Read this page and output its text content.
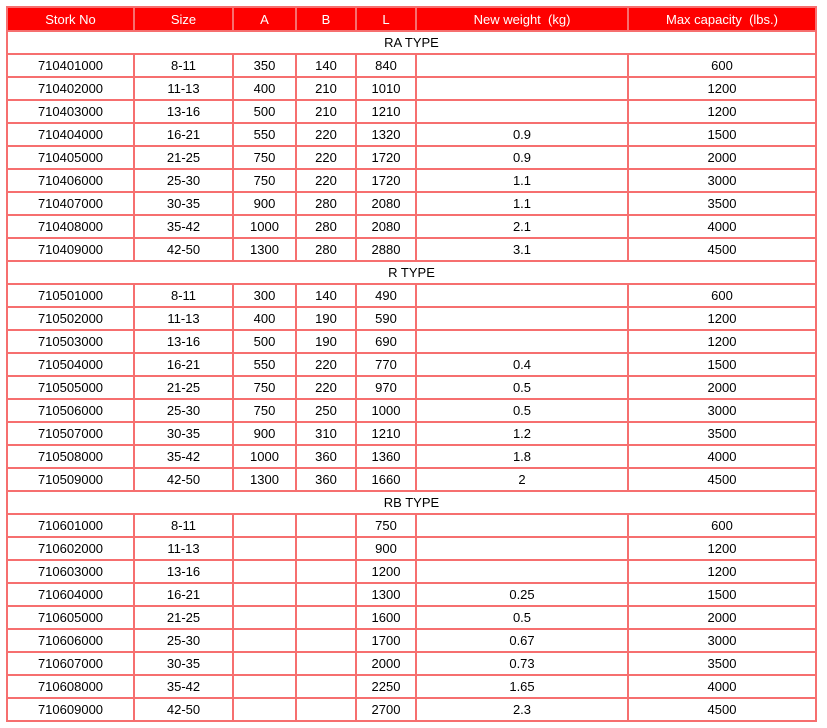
Stork No	Size	A	B	L	New weight  (kg)	Max capacity  (lbs.)
RA TYPE						
710401000	8-11	350	140	840		600
710402000	11-13	400	210	1010		1200
710403000	13-16	500	210	1210		1200
710404000	16-21	550	220	1320	0.9	1500
710405000	21-25	750	220	1720	0.9	2000
710406000	25-30	750	220	1720	1.1	3000
710407000	30-35	900	280	2080	1.1	3500
710408000	35-42	1000	280	2080	2.1	4000
710409000	42-50	1300	280	2880	3.1	4500
R TYPE						
710501000	8-11	300	140	490		600
710502000	11-13	400	190	590		1200
710503000	13-16	500	190	690		1200
710504000	16-21	550	220	770	0.4	1500
710505000	21-25	750	220	970	0.5	2000
710506000	25-30	750	250	1000	0.5	3000
710507000	30-35	900	310	1210	1.2	3500
710508000	35-42	1000	360	1360	1.8	4000
710509000	42-50	1300	360	1660	2	4500
RB TYPE						
710601000	8-11			750		600
710602000	11-13			900		1200
710603000	13-16			1200		1200
710604000	16-21			1300	0.25	1500
710605000	21-25			1600	0.5	2000
710606000	25-30			1700	0.67	3000
710607000	30-35			2000	0.73	3500
710608000	35-42			2250	1.65	4000
710609000	42-50			2700	2.3	4500
